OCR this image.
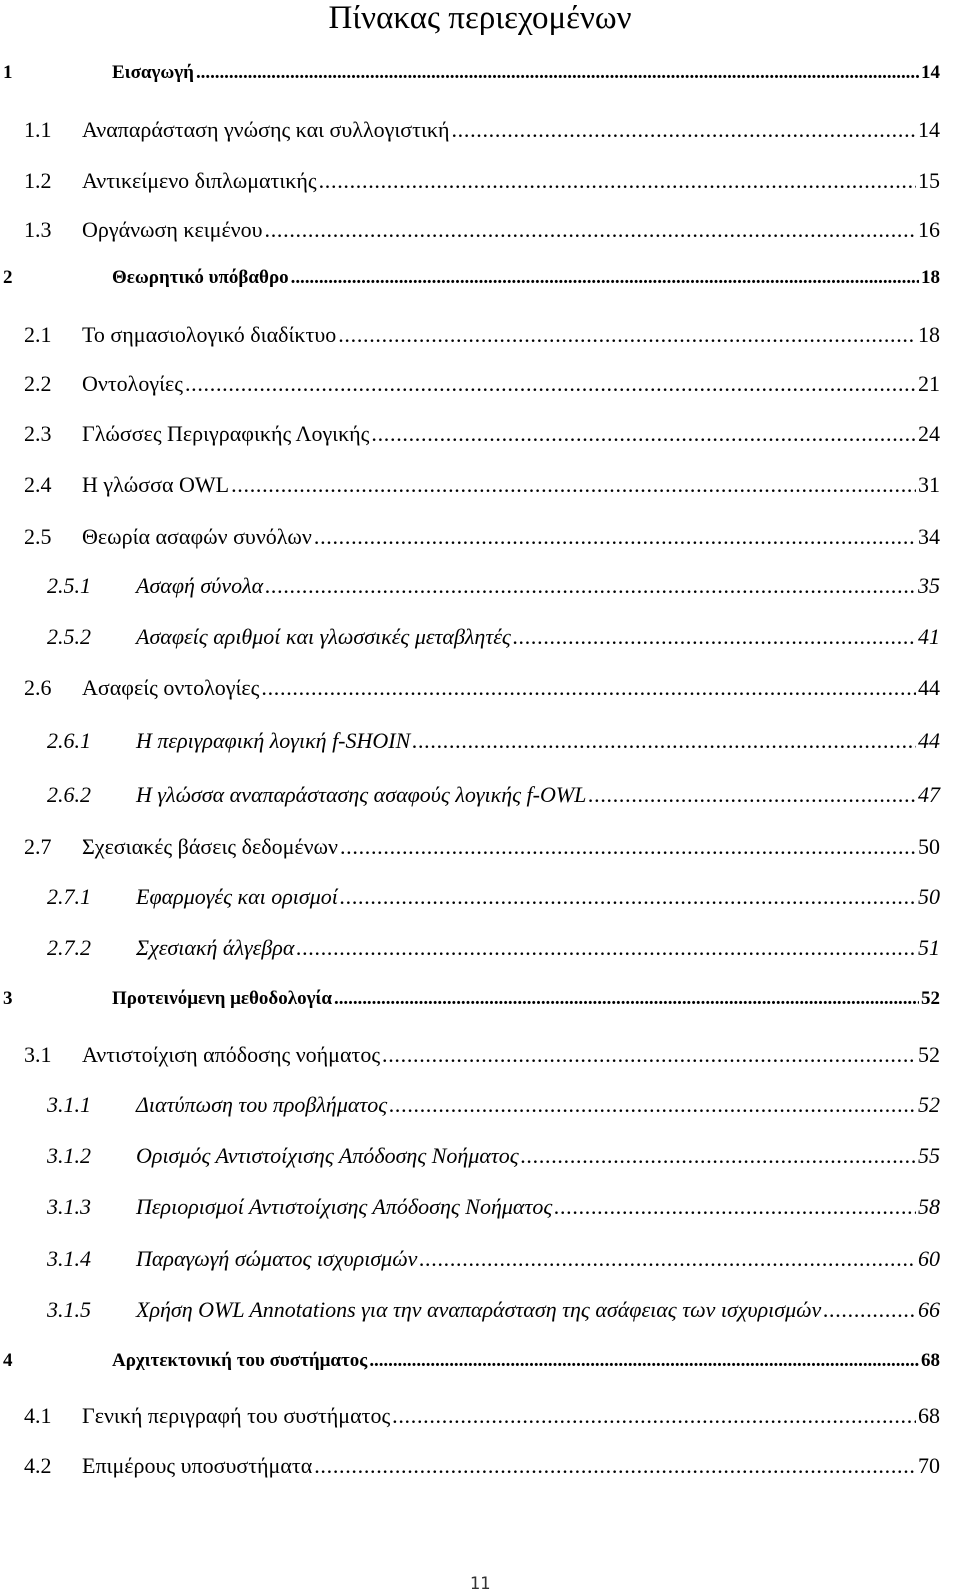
Πίνακας περιεχομένων
1	Εισαγωγή . . .	14
1.1 Αναπαράσταση γνώσης και συλλογιστική . . .	14
1.2 Αντικείμενο διπλωματικής . . .	15
1.3 Οργάνωση κειμένου . . .	16
2	Θεωρητικό υπόβαθρο . . .	18
2.1 Το σημασιολογικό διαδίκτυο . . .	18
2.2 Οντολογίες . . .	21
2.3 Γλώσσες Περιγραφικής Λογικής . . .	24
2.4 Η γλώσσα OWL . . .	31
2.5 Θεωρία ασαφών συνόλων . . .	34
2.5.1 Ασαφή σύνολα . . .	35
2.5.2 Ασαφείς αριθμοί και γλωσσικές μεταβλητές . . .	41
2.6 Ασαφείς οντολογίες . . .	44
2.6.1 Η περιγραφική λογική f-SHOIN . . .	44
2.6.2 Η γλώσσα αναπαράστασης ασαφούς λογικής f-OWL . . .	47
2.7 Σχεσιακές βάσεις δεδομένων . . .	50
2.7.1 Εφαρμογές και ορισμοί . . .	50
2.7.2 Σχεσιακή άλγεβρα . . .	51
3	Προτεινόμενη μεθοδολογία . . .	52
3.1 Αντιστοίχιση απόδοσης νοήματος . . .	52
3.1.1 Διατύπωση του προβλήματος . . .	52
3.1.2 Ορισμός Αντιστοίχισης Απόδοσης Νοήματος . . .	55
3.1.3 Περιορισμοί Αντιστοίχισης Απόδοσης Νοήματος . . .	58
3.1.4 Παραγωγή σώματος ισχυρισμών . . .	60
3.1.5 Χρήση OWL Annotations για την αναπαράσταση της ασάφειας των ισχυρισμών . . .	66
4	Αρχιτεκτονική του συστήματος . . .	68
4.1 Γενική περιγραφή του συστήματος . . .	68
4.2 Επιμέρους υποσυστήματα . . .	70
11
